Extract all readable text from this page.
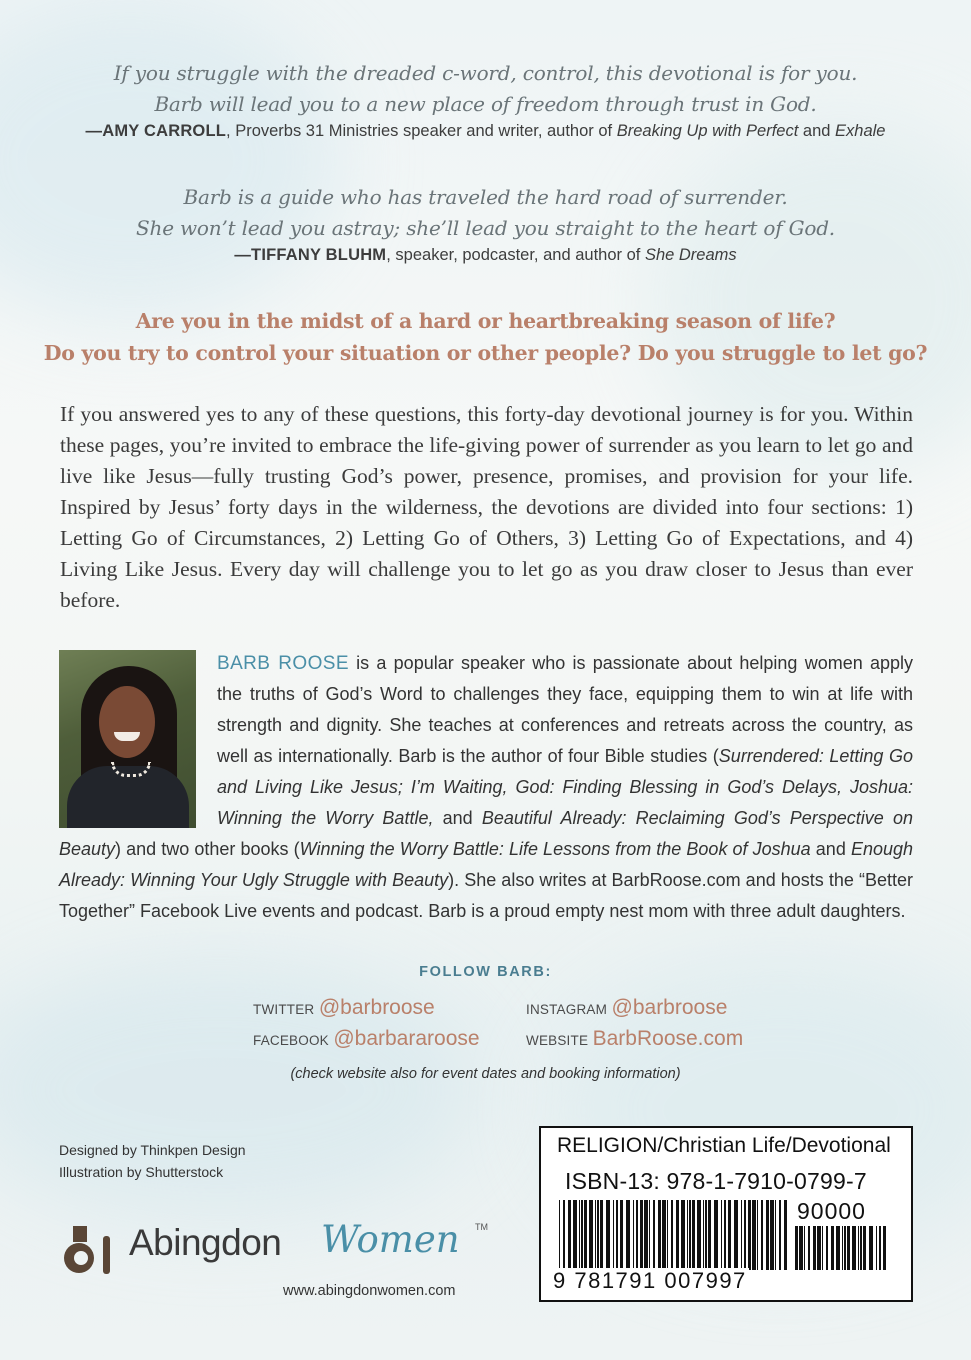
If you struggle with the dreaded c-word, control, this devotional is for you.
Barb will lead you to a new place of freedom through trust in God.
—AMY CARROLL, Proverbs 31 Ministries speaker and writer, author of Breaking Up with Perfect and Exhale
Barb is a guide who has traveled the hard road of surrender.
She won’t lead you astray; she’ll lead you straight to the heart of God.
—TIFFANY BLUHM, speaker, podcaster, and author of She Dreams
Are you in the midst of a hard or heartbreaking season of life?
Do you try to control your situation or other people? Do you struggle to let go?
If you answered yes to any of these questions, this forty-day devotional journey is for you. Within these pages, you’re invited to embrace the life-giving power of surrender as you learn to let go and live like Jesus—fully trusting God’s power, presence, promises, and provision for your life. Inspired by Jesus’ forty days in the wilderness, the devotions are divided into four sections: 1) Letting Go of Circumstances, 2) Letting Go of Others, 3) Letting Go of Expectations, and 4) Living Like Jesus. Every day will challenge you to let go as you draw closer to Jesus than ever before.
BARB ROOSE is a popular speaker who is passionate about helping women apply the truths of God’s Word to challenges they face, equipping them to win at life with strength and dignity. She teaches at conferences and retreats across the country, as well as internationally. Barb is the author of four Bible studies (Surrendered: Letting Go and Living Like Jesus; I’m Waiting, God: Finding Blessing in God’s Delays, Joshua: Winning the Worry Battle, and Beautiful Already: Reclaiming God’s Perspective on Beauty) and two other books (Winning the Worry Battle: Life Lessons from the Book of Joshua and Enough Already: Winning Your Ugly Struggle with Beauty). She also writes at BarbRoose.com and hosts the “Better Together” Facebook Live events and podcast. Barb is a proud empty nest mom with three adult daughters.
FOLLOW BARB:
TWITTER @barbroose
FACEBOOK @barbararoose
INSTAGRAM @barbroose
WEBSITE BarbRoose.com
(check website also for event dates and booking information)
Designed by Thinkpen Design
Illustration by Shutterstock
Abingdon Women TM
www.abingdonwomen.com
RELIGION/Christian Life/Devotional
ISBN-13: 978-1-7910-0799-7
90000
9 781791 007997
